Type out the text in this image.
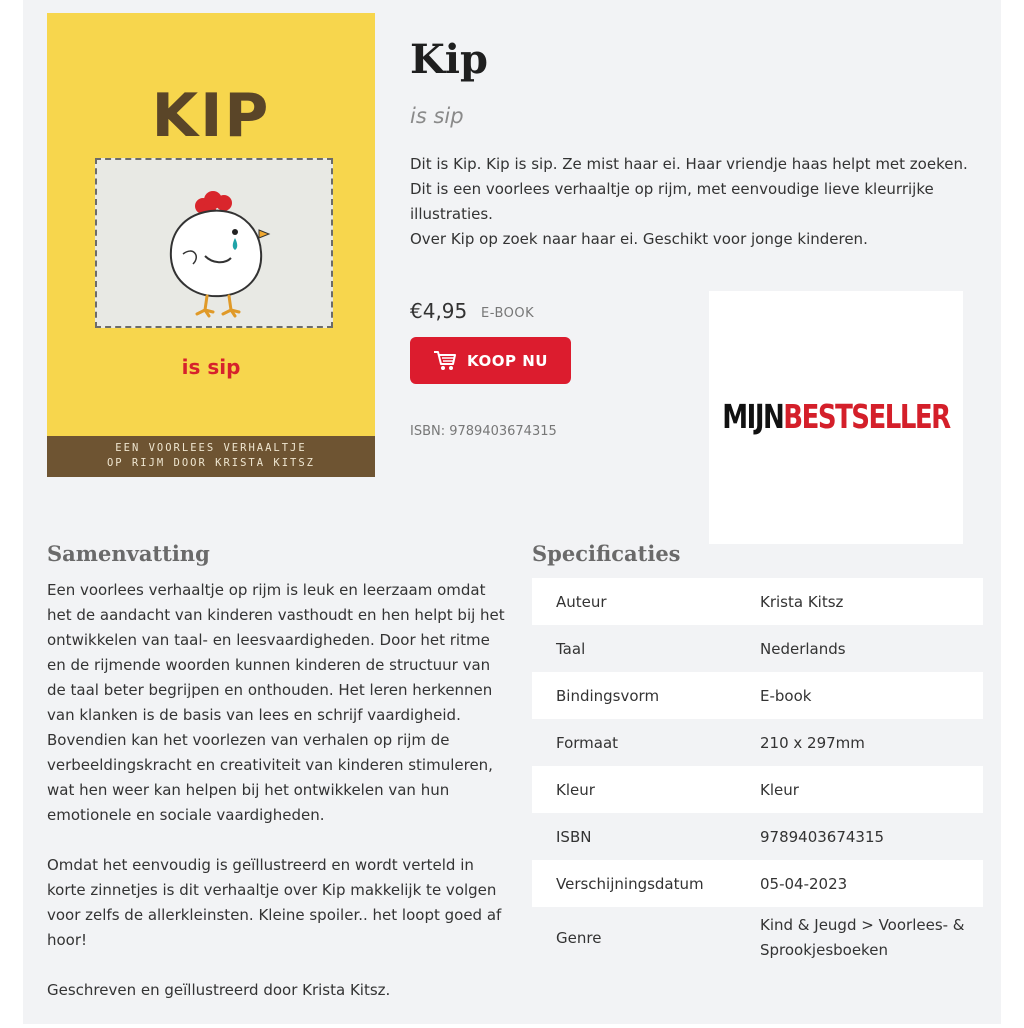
KIP
is sip
EEN VOORLEES VERHAALTJE
OP RIJM DOOR KRISTA KITSZ
Kip
is sip
Dit is Kip. Kip is sip. Ze mist haar ei. Haar vriendje haas helpt met zoeken.
Dit is een voorlees verhaaltje op rijm, met eenvoudige lieve kleurrijke illustraties.
Over Kip op zoek naar haar ei. Geschikt voor jonge kinderen.
€4,95 E-BOOK
KOOP NU
ISBN: 9789403674315	MIJNBESTSELLER
Samenvatting

Een voorlees verhaaltje op rijm is leuk en leerzaam omdat het de aandacht van kinderen vasthoudt en hen helpt bij het ontwikkelen van taal- en leesvaardigheden. Door het ritme en de rijmende woorden kunnen kinderen de structuur van de taal beter begrijpen en onthouden. Het leren herkennen van klanken is de basis van lees en schrijf vaardigheid.

Bovendien kan het voorlezen van verhalen op rijm de verbeeldingskracht en creativiteit van kinderen stimuleren, wat hen weer kan helpen bij het ontwikkelen van hun emotionele en sociale vaardigheden.

Omdat het eenvoudig is geïllustreerd en wordt verteld in korte zinnetjes is dit verhaaltje over Kip makkelijk te volgen voor zelfs de allerkleinsten. Kleine spoiler.. het loopt goed af hoor!

Geschreven en geïllustreerd door Krista Kitsz.

Specificaties
Auteur	Krista Kitsz
Taal	Nederlands
Bindingsvorm	E-book
Formaat	210 x 297mm
Kleur	Kleur
ISBN	9789403674315
Verschijningsdatum	05-04-2023
Genre	Kind & Jeugd > Voorlees- & Sprookjesboeken
